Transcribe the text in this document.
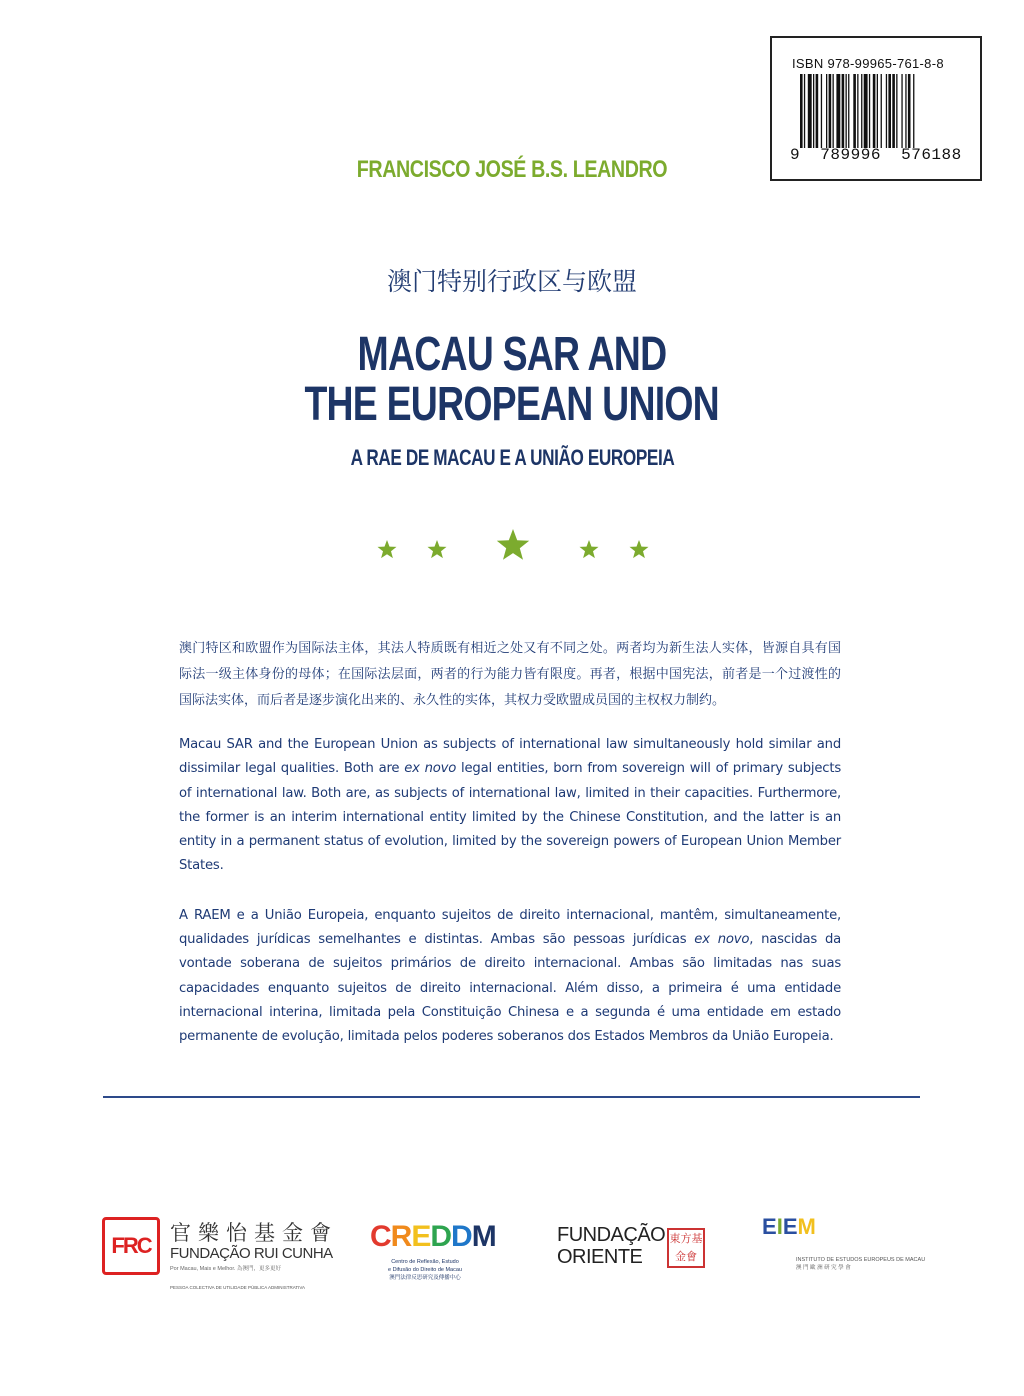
ISBN 978-99965-761-8-8
9  789996  576188
FRANCISCO JOSÉ B.S. LEANDRO
澳门特别行政区与欧盟
MACAU SAR AND
THE EUROPEAN UNION
A RAE DE MACAU E A UNIÃO EUROPEIA

澳门特区和欧盟作为国际法主体，其法人特质既有相近之处又有不同之处。两者均为新生法人实体，皆源自具有国际法一级主体身份的母体；在国际法层面，两者的行为能力皆有限度。再者，根据中国宪法，前者是一个过渡性的国际法实体，而后者是逐步演化出来的、永久性的实体，其权力受欧盟成员国的主权权力制约。

Macau SAR and the European Union as subjects of international law simultaneously hold similar and dissimilar legal qualities. Both are ex novo legal entities, born from sovereign will of primary subjects of international law. Both are, as subjects of international law, limited in their capacities. Furthermore, the former is an interim international entity limited by the Chinese Constitution, and the latter is an entity in a permanent status of evolution, limited by the sovereign powers of European Union Member States.

A RAEM e a União Europeia, enquanto sujeitos de direito internacional, mantêm, simultaneamente, qualidades jurídicas semelhantes e distintas. Ambas são pessoas jurídicas ex novo, nascidas da vontade soberana de sujeitos primários de direito internacional. Ambas são limitadas nas suas capacidades enquanto sujeitos de direito internacional. Além disso, a primeira é uma entidade internacional interina, limitada pela Constituição Chinesa e a segunda é uma entidade em estado permanente de evolução, limitada pelos poderes soberanos dos Estados Membros da União Europeia.

FRC 官樂怡基金會
FUNDAÇÃO RUI CUNHA
Por Macau, Mais e Melhor. 為澳門，更多更好
PESSOA COLECTIVA DE UTILIDADE PÚBLICA ADMINISTRATIVA
CREDDM
Centro de Reflexão, Estudo
e Difusão do Direito de Macau
澳門法律反思研究及傳播中心
FUNDAÇÃO
ORIENTE
東方基金會
EIEM
INSTITUTO DE ESTUDOS EUROPEUS DE MACAU
澳 門 歐 洲 研 究 學 會
